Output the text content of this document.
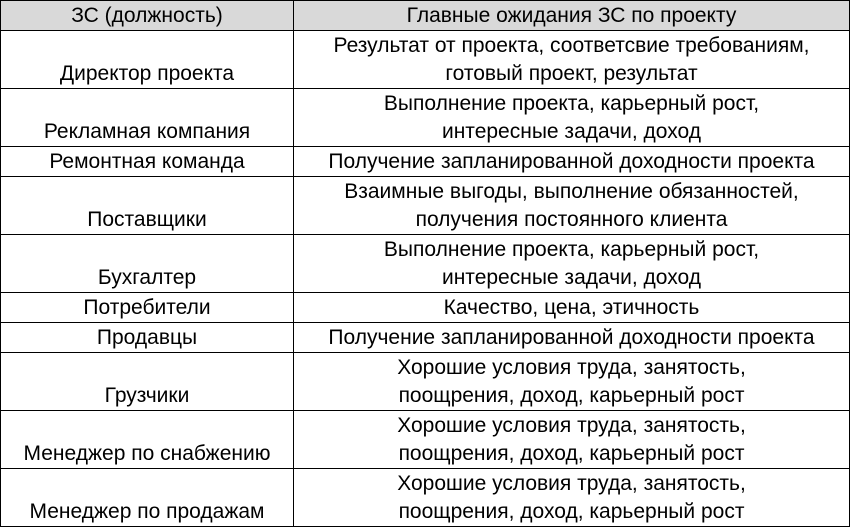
ЗС (должность)	Главные ожидания ЗС по проекту
Директор проекта	Результат от проекта, соответсвие требованиям,
готовый проект, результат

Рекламная компания	Выполнение проекта, карьерный рост,
интересные задачи, доход

Ремонтная команда	Получение запланированной доходности проекта

Поставщики	Взаимные выгоды, выполнение обязанностей,
получения постоянного клиента

Бухгалтер	Выполнение проекта, карьерный рост,
интересные задачи, доход

Потребители	Качество, цена, этичность

Продавцы	Получение запланированной доходности проекта

Грузчики	Хорошие условия труда, занятость,
поощрения, доход, карьерный рост

Менеджер по снабжению	Хорошие условия труда, занятость,
поощрения, доход, карьерный рост

Менеджер по продажам	Хорошие условия труда, занятость,
поощрения, доход, карьерный рост
